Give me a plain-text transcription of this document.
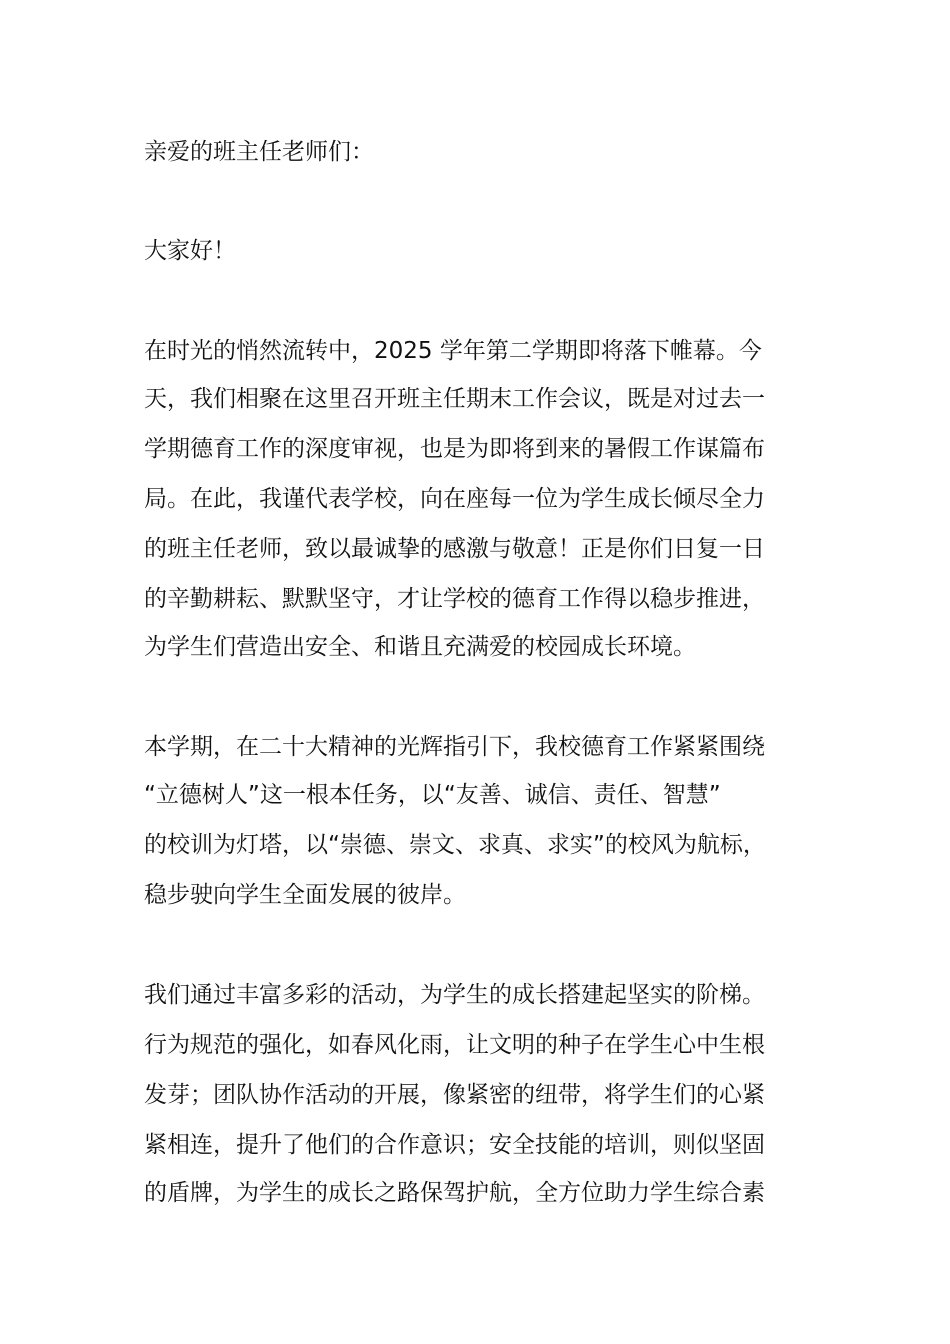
亲爱的班主任老师们：
大家好！
在时光的悄然流转中，2025 学年第二学期即将落下帷幕。今
天，我们相聚在这里召开班主任期末工作会议，既是对过去一
学期德育工作的深度审视，也是为即将到来的暑假工作谋篇布
局。在此，我谨代表学校，向在座每一位为学生成长倾尽全力
的班主任老师，致以最诚挚的感激与敬意！正是你们日复一日
的辛勤耕耘、默默坚守，才让学校的德育工作得以稳步推进，
为学生们营造出安全、和谐且充满爱的校园成长环境。
本学期，在二十大精神的光辉指引下，我校德育工作紧紧围绕
“立德树人”这一根本任务，以“友善、诚信、责任、智慧”
的校训为灯塔，以“崇德、崇文、求真、求实”的校风为航标，
稳步驶向学生全面发展的彼岸。
我们通过丰富多彩的活动，为学生的成长搭建起坚实的阶梯。
行为规范的强化，如春风化雨，让文明的种子在学生心中生根
发芽；团队协作活动的开展，像紧密的纽带，将学生们的心紧
紧相连，提升了他们的合作意识；安全技能的培训，则似坚固
的盾牌，为学生的成长之路保驾护航，全方位助力学生综合素
